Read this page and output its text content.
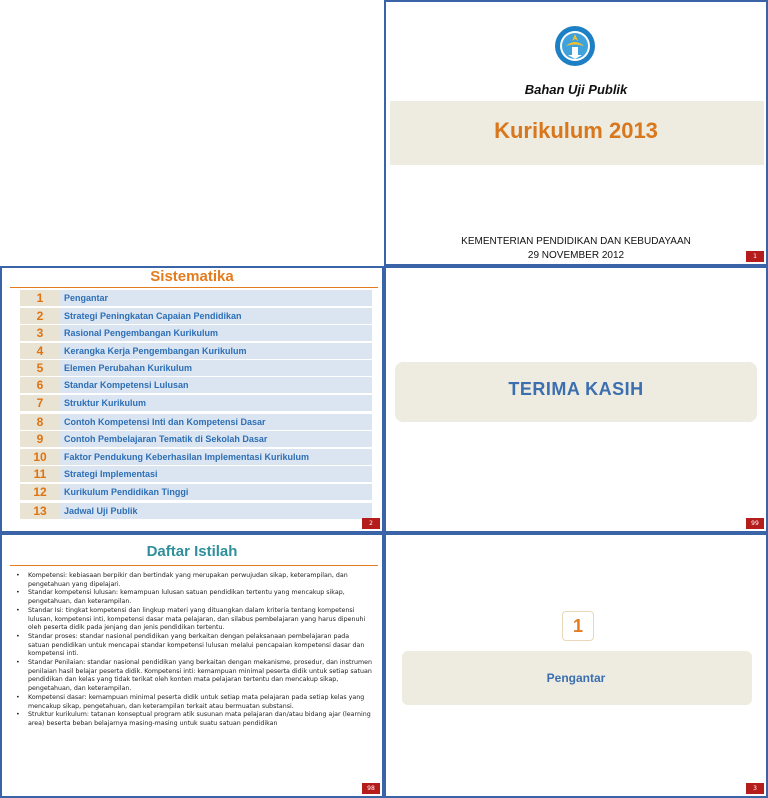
Bahan Uji Publik
Kurikulum 2013
KEMENTERIAN PENDIDIKAN DAN KEBUDAYAAN
29 NOVEMBER 2012	1
Sistematika
1	Pengantar
2	Strategi Peningkatan Capaian Pendidikan
3	Rasional Pengembangan Kurikulum
4	Kerangka Kerja Pengembangan Kurikulum
5	Elemen Perubahan Kurikulum
6	Standar Kompetensi Lulusan
7	Struktur Kurikulum
8	Contoh Kompetensi Inti dan Kompetensi Dasar
9	Contoh Pembelajaran Tematik di Sekolah Dasar
10	Faktor Pendukung Keberhasilan Implementasi Kurikulum
11	Strategi Implementasi
12	Kurikulum Pendidikan Tinggi
13	Jadwal Uji Publik
2
TERIMA KASIH
99
Daftar Istilah
• Kompetensi: kebiasaan berpikir dan bertindak yang merupakan perwujudan sikap, keterampilan, dan pengetahuan yang dipelajari.
• Standar kompetensi lulusan: kemampuan lulusan satuan pendidikan tertentu yang mencakup sikap, pengetahuan, dan keterampilan.
• Standar Isi: tingkat kompetensi dan lingkup materi yang dituangkan dalam kriteria tentang kompetensi lulusan, kompetensi inti, kompetensi dasar mata pelajaran, dan silabus pembelajaran yang harus dipenuhi oleh peserta didik pada jenjang dan jenis pendidikan tertentu.
• Standar proses: standar nasional pendidikan yang berkaitan dengan pelaksanaan pembelajaran pada satuan pendidikan untuk mencapai standar kompetensi lulusan melalui pencapaian kompetensi dasar dan kompetensi inti.
• Standar Penilaian: standar nasional pendidikan yang berkaitan dengan mekanisme, prosedur, dan instrumen penilaian hasil belajar peserta didik. Kompetensi inti: kemampuan minimal peserta didik untuk setiap satuan pendidikan dan kelas yang tidak terikat oleh konten mata pelajaran tertentu dan mencakup sikap, pengetahuan, dan keterampilan.
• Kompetensi dasar: kemampuan minimal peserta didik untuk setiap mata pelajaran pada setiap kelas yang mencakup sikap, pengetahuan, dan keterampilan terkait atau bermuatan substansi.
• Struktur kurikulum: tatanan konseptual program atik susunan mata pelajaran dan/atau bidang ajar (learning area) beserta beban belajarnya masing-masing untuk suatu satuan pendidikan
98
1
Pengantar
3
